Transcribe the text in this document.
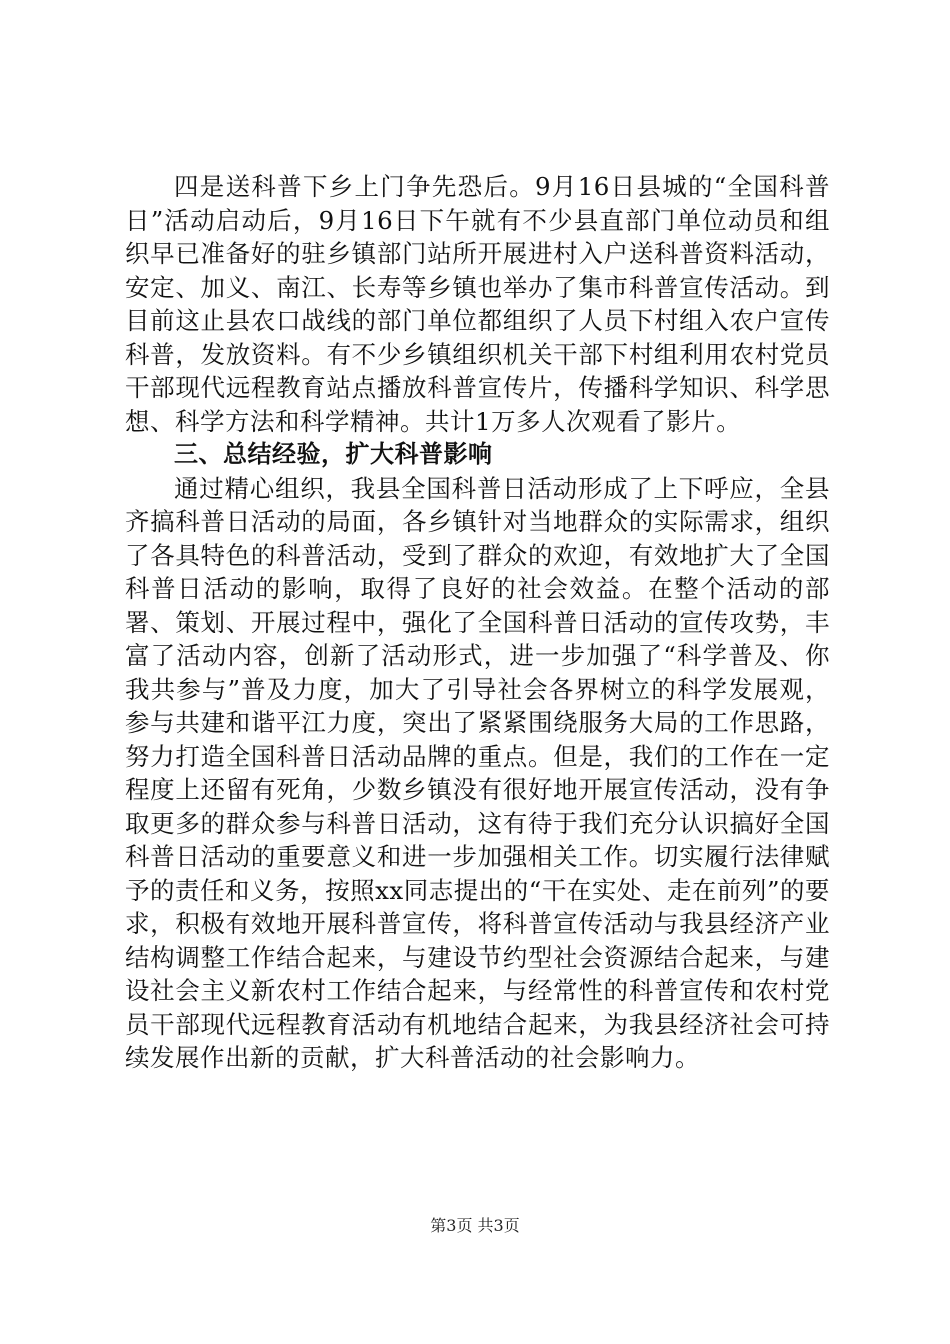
四是送科普下乡上门争先恐后。9月16日县城的“全国科普日”活动启动后，9月16日下午就有不少县直部门单位动员和组织早已准备好的驻乡镇部门站所开展进村入户送科普资料活动，安定、加义、南江、长寿等乡镇也举办了集市科普宣传活动。到目前这止县农口战线的部门单位都组织了人员下村组入农户宣传科普，发放资料。有不少乡镇组织机关干部下村组利用农村党员干部现代远程教育站点播放科普宣传片，传播科学知识、科学思想、科学方法和科学精神。共计1万多人次观看了影片。

三、总结经验，扩大科普影响

通过精心组织，我县全国科普日活动形成了上下呼应，全县齐搞科普日活动的局面，各乡镇针对当地群众的实际需求，组织了各具特色的科普活动，受到了群众的欢迎，有效地扩大了全国科普日活动的影响，取得了良好的社会效益。在整个活动的部署、策划、开展过程中，强化了全国科普日活动的宣传攻势，丰富了活动内容，创新了活动形式，进一步加强了“科学普及、你我共参与”普及力度，加大了引导社会各界树立的科学发展观，参与共建和谐平江力度，突出了紧紧围绕服务大局的工作思路，努力打造全国科普日活动品牌的重点。但是，我们的工作在一定程度上还留有死角，少数乡镇没有很好地开展宣传活动，没有争取更多的群众参与科普日活动，这有待于我们充分认识搞好全国科普日活动的重要意义和进一步加强相关工作。切实履行法律赋予的责任和义务，按照xx同志提出的“干在实处、走在前列”的要求，积极有效地开展科普宣传，将科普宣传活动与我县经济产业结构调整工作结合起来，与建设节约型社会资源结合起来，与建设社会主义新农村工作结合起来，与经常性的科普宣传和农村党员干部现代远程教育活动有机地结合起来，为我县经济社会可持续发展作出新的贡献，扩大科普活动的社会影响力。

第3页 共3页
